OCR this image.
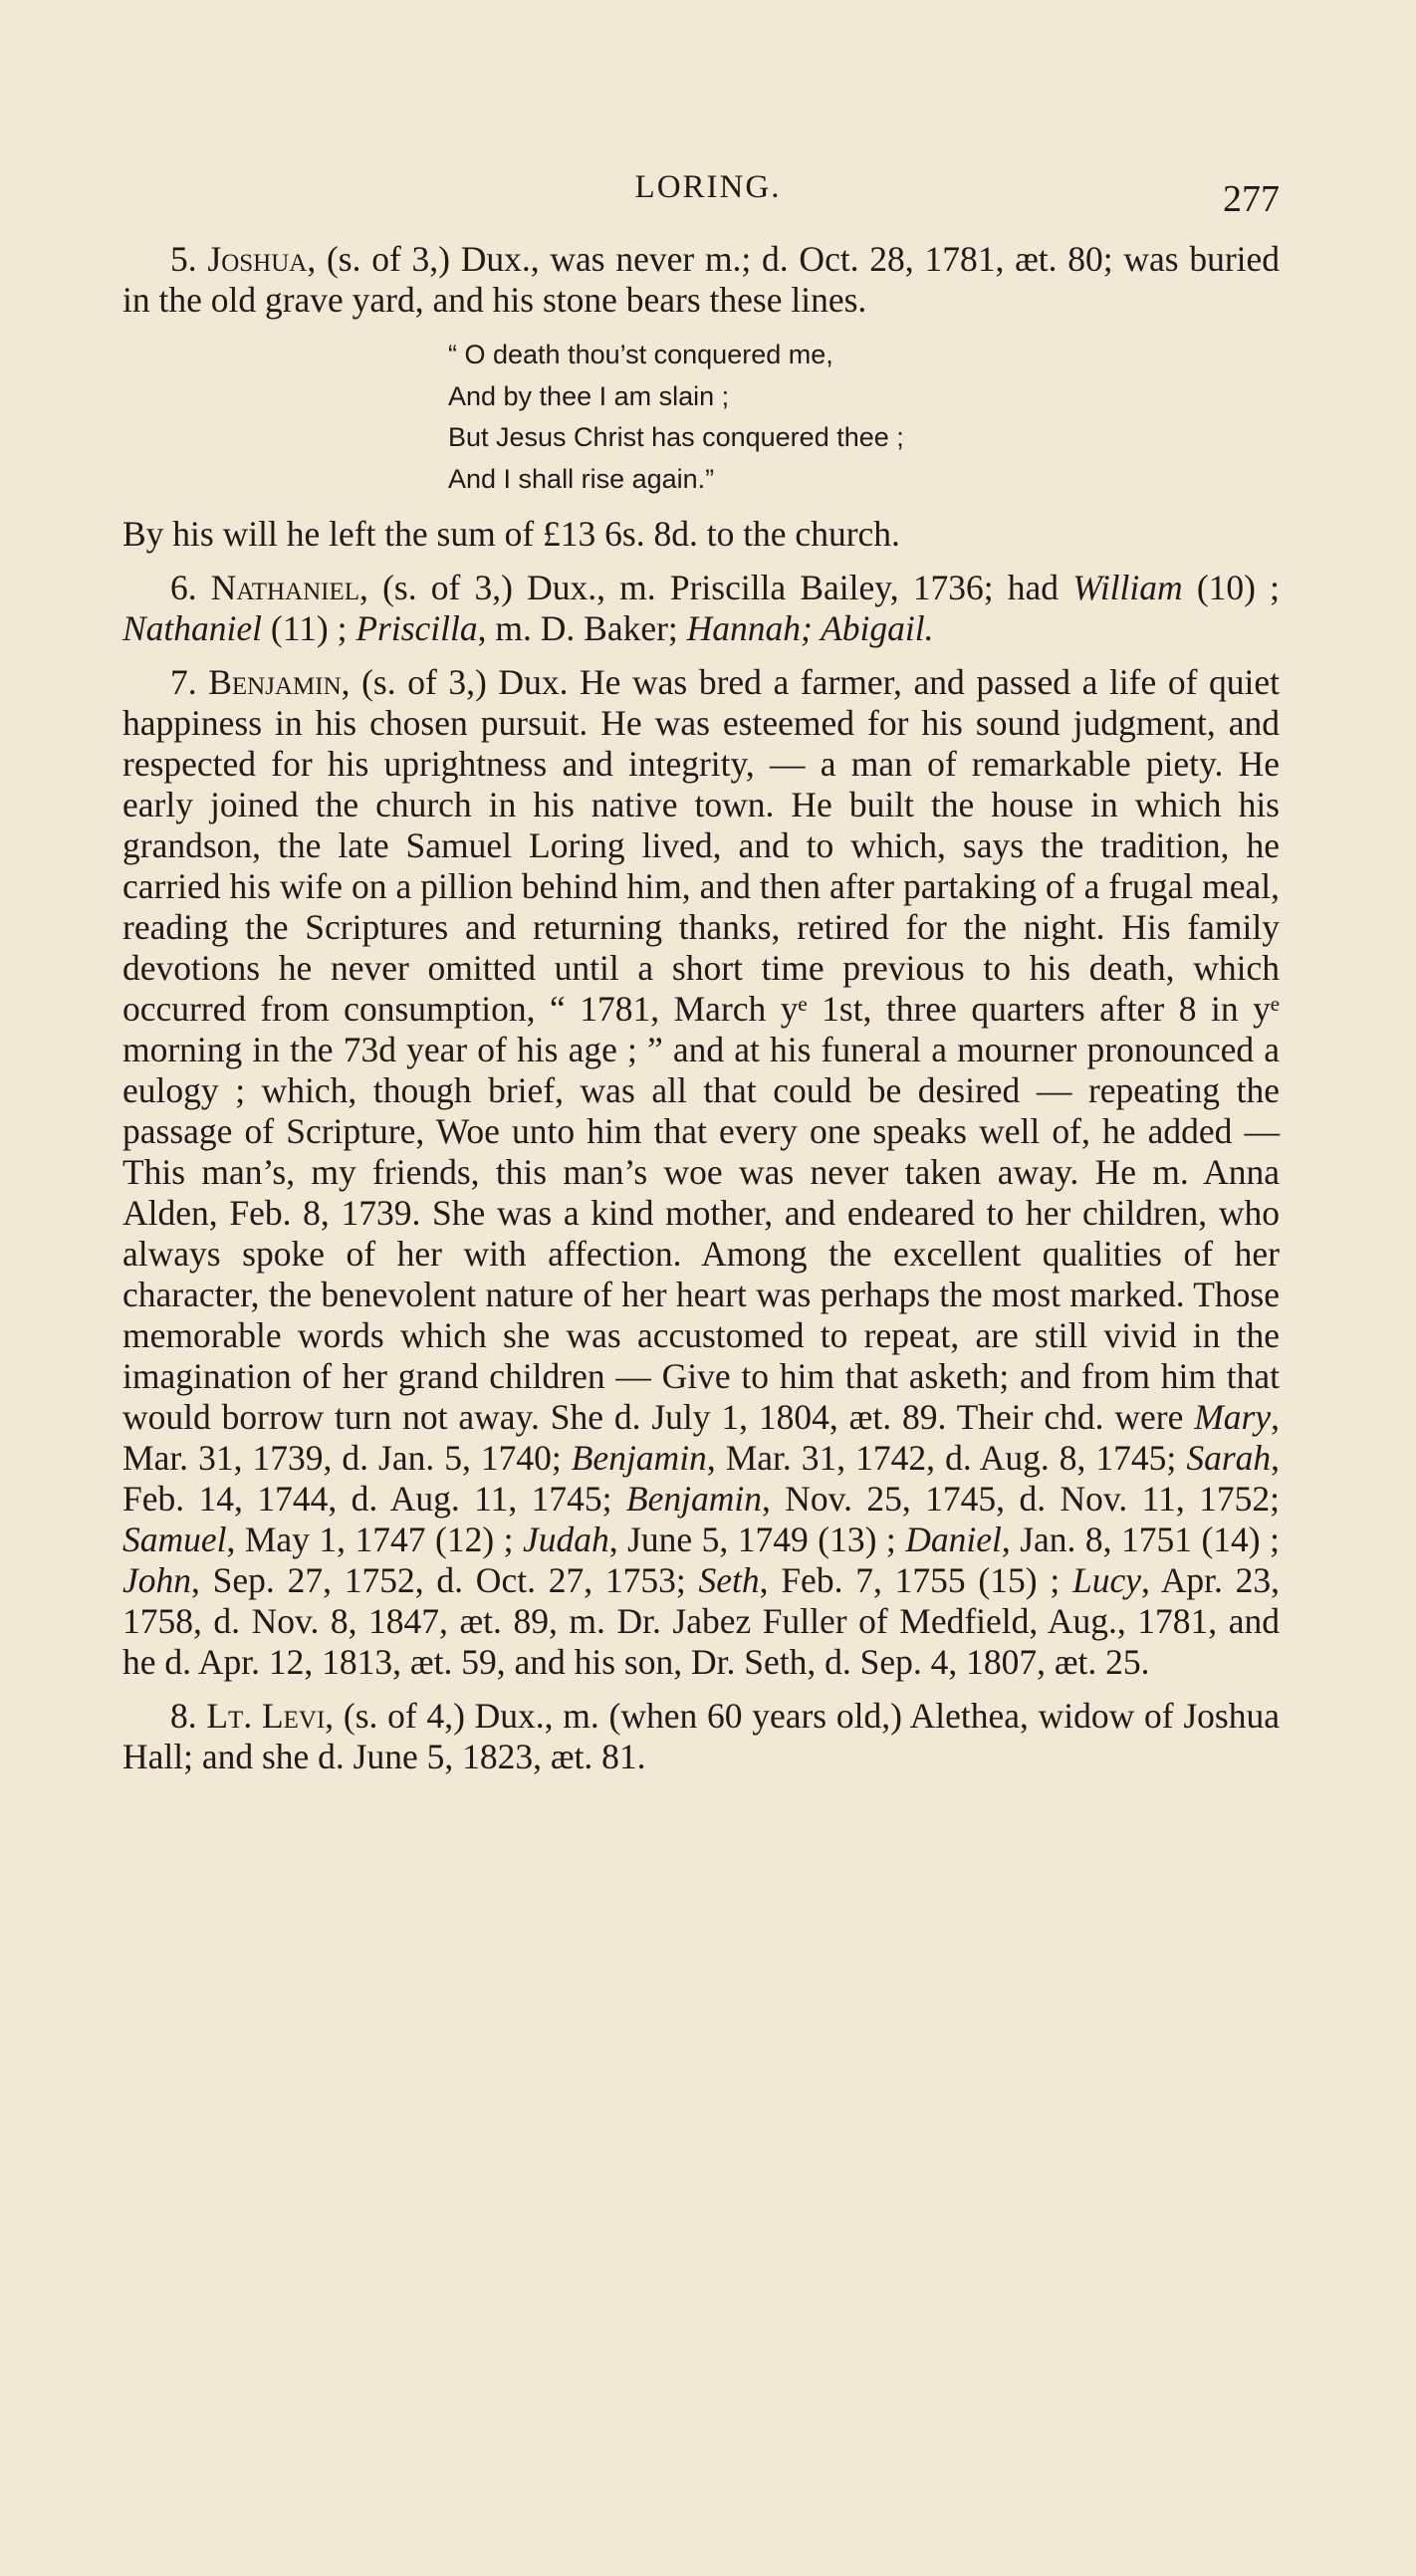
LORING.	277

5. Joshua, (s. of 3,) Dux., was never m.; d. Oct. 28, 1781, æt. 80; was buried in the old grave yard, and his stone bears these lines.

“ O death thou’st conquered me,
And by thee I am slain ;
But Jesus Christ has conquered thee ;
And I shall rise again.”

By his will he left the sum of £13 6s. 8d. to the church.

6. Nathaniel, (s. of 3,) Dux., m. Priscilla Bailey, 1736; had William (10) ; Nathaniel (11) ; Priscilla, m. D. Baker; Hannah; Abigail.

7. Benjamin, (s. of 3,) Dux. He was bred a farmer, and passed a life of quiet happiness in his chosen pursuit. He was esteemed for his sound judgment, and respected for his uprightness and integrity, — a man of remarkable piety. He early joined the church in his native town. He built the house in which his grandson, the late Samuel Loring lived, and to which, says the tradition, he carried his wife on a pillion behind him, and then after partaking of a frugal meal, reading the Scriptures and returning thanks, retired for the night. His family devotions he never omitted until a short time previous to his death, which occurred from consumption, “ 1781, March yᵉ 1st, three quarters after 8 in yᵉ morning in the 73d year of his age ; ” and at his funeral a mourner pronounced a eulogy ; which, though brief, was all that could be desired — repeating the passage of Scripture, Woe unto him that every one speaks well of, he added — This man’s, my friends, this man’s woe was never taken away. He m. Anna Alden, Feb. 8, 1739. She was a kind mother, and endeared to her children, who always spoke of her with affection. Among the excellent qualities of her character, the benevolent nature of her heart was perhaps the most marked. Those memorable words which she was accustomed to repeat, are still vivid in the imagination of her grand children — Give to him that asketh; and from him that would borrow turn not away. She d. July 1, 1804, æt. 89. Their chd. were Mary, Mar. 31, 1739, d. Jan. 5, 1740; Benjamin, Mar. 31, 1742, d. Aug. 8, 1745; Sarah, Feb. 14, 1744, d. Aug. 11, 1745; Benjamin, Nov. 25, 1745, d. Nov. 11, 1752; Samuel, May 1, 1747 (12) ; Judah, June 5, 1749 (13) ; Daniel, Jan. 8, 1751 (14) ; John, Sep. 27, 1752, d. Oct. 27, 1753; Seth, Feb. 7, 1755 (15) ; Lucy, Apr. 23, 1758, d. Nov. 8, 1847, æt. 89, m. Dr. Jabez Fuller of Medfield, Aug., 1781, and he d. Apr. 12, 1813, æt. 59, and his son, Dr. Seth, d. Sep. 4, 1807, æt. 25.

8. Lt. Levi, (s. of 4,) Dux., m. (when 60 years old,) Alethea, widow of Joshua Hall; and she d. June 5, 1823, æt. 81.
